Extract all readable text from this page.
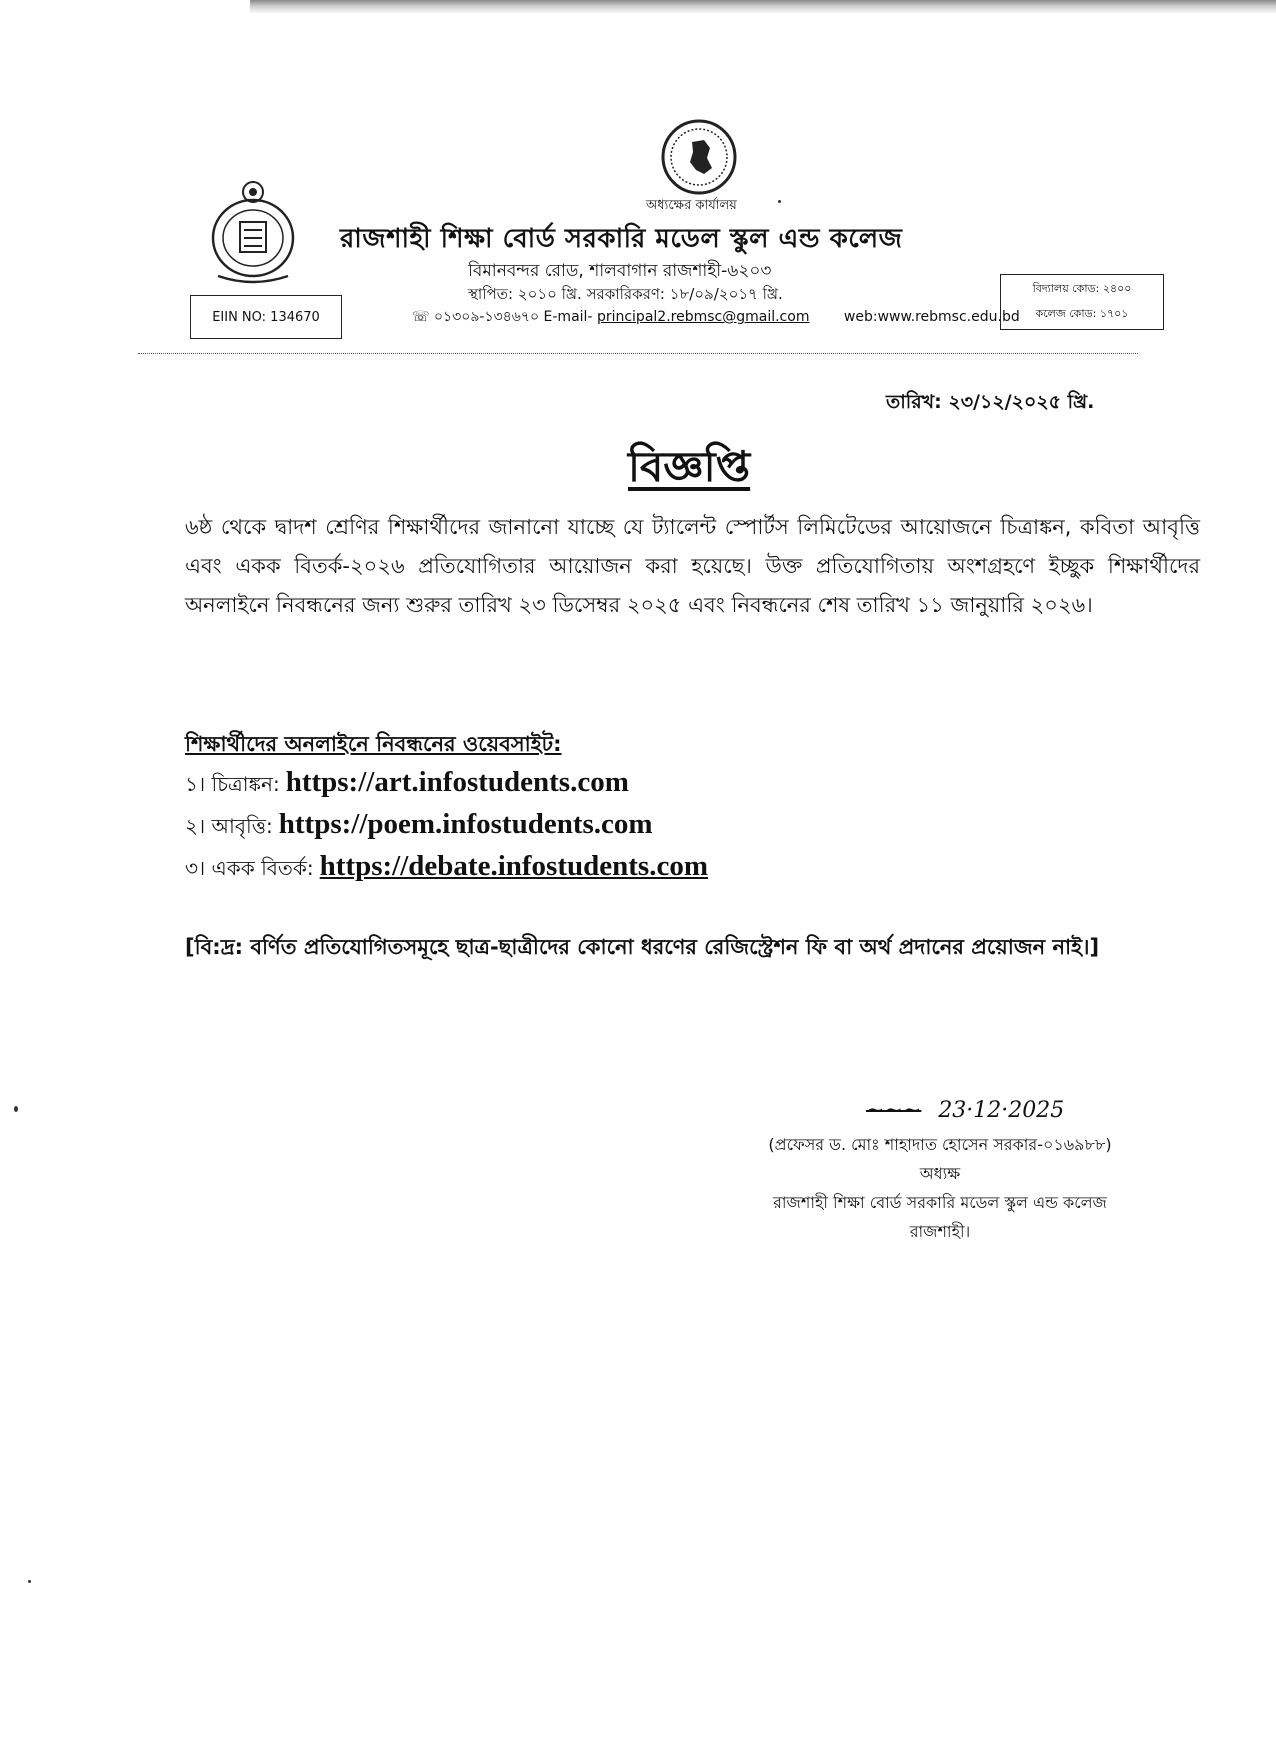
অধ্যক্ষের কার্যালয়
রাজশাহী শিক্ষা বোর্ড সরকারি মডেল স্কুল এন্ড কলেজ
বিমানবন্দর রোড, শালবাগান রাজশাহী-৬২০৩
স্থাপিত: ২০১০ খ্রি. সরকারিকরণ: ১৮/০৯/২০১৭ খ্রি.
☏ ০১৩০৯-১৩৪৬৭০ E-mail- principal2.rebmsc@gmail.com web:www.rebmsc.edu.bd
EIIN NO: 134670
বিদ্যালয় কোড: ২৪০০
কলেজ কোড: ১৭০১
তারিখ: ২৩/১২/২০২৫ খ্রি.
বিজ্ঞপ্তি

৬ষ্ঠ থেকে দ্বাদশ শ্রেণির শিক্ষার্থীদের জানানো যাচ্ছে যে ট্যালেন্ট স্পোর্টস লিমিটেডের আয়োজনে চিত্রাঙ্কন, কবিতা আবৃত্তি এবং একক বিতর্ক-২০২৬ প্রতিযোগিতার আয়োজন করা হয়েছে। উক্ত প্রতিযোগিতায় অংশগ্রহণে ইচ্ছুক শিক্ষার্থীদের অনলাইনে নিবন্ধনের জন্য শুরুর তারিখ ২৩ ডিসেম্বর ২০২৫ এবং নিবন্ধনের শেষ তারিখ ১১ জানুয়ারি ২০২৬।

শিক্ষার্থীদের অনলাইনে নিবন্ধনের ওয়েবসাইট:
১। চিত্রাঙ্কন: https://art.infostudents.com
২। আবৃত্তি: https://poem.infostudents.com
৩। একক বিতর্ক: https://debate.infostudents.com

[বি:দ্র: বর্ণিত প্রতিযোগিতসমূহে ছাত্র-ছাত্রীদের কোনো ধরণের রেজিস্ট্রেশন ফি বা অর্থ প্রদানের প্রয়োজন নাই।]

∼∼∼ 23·12·2025
(প্রফেসর ড. মোঃ শাহাদাত হোসেন সরকার-০১৬৯৮৮)
অধ্যক্ষ
রাজশাহী শিক্ষা বোর্ড সরকারি মডেল স্কুল এন্ড কলেজ
রাজশাহী।
